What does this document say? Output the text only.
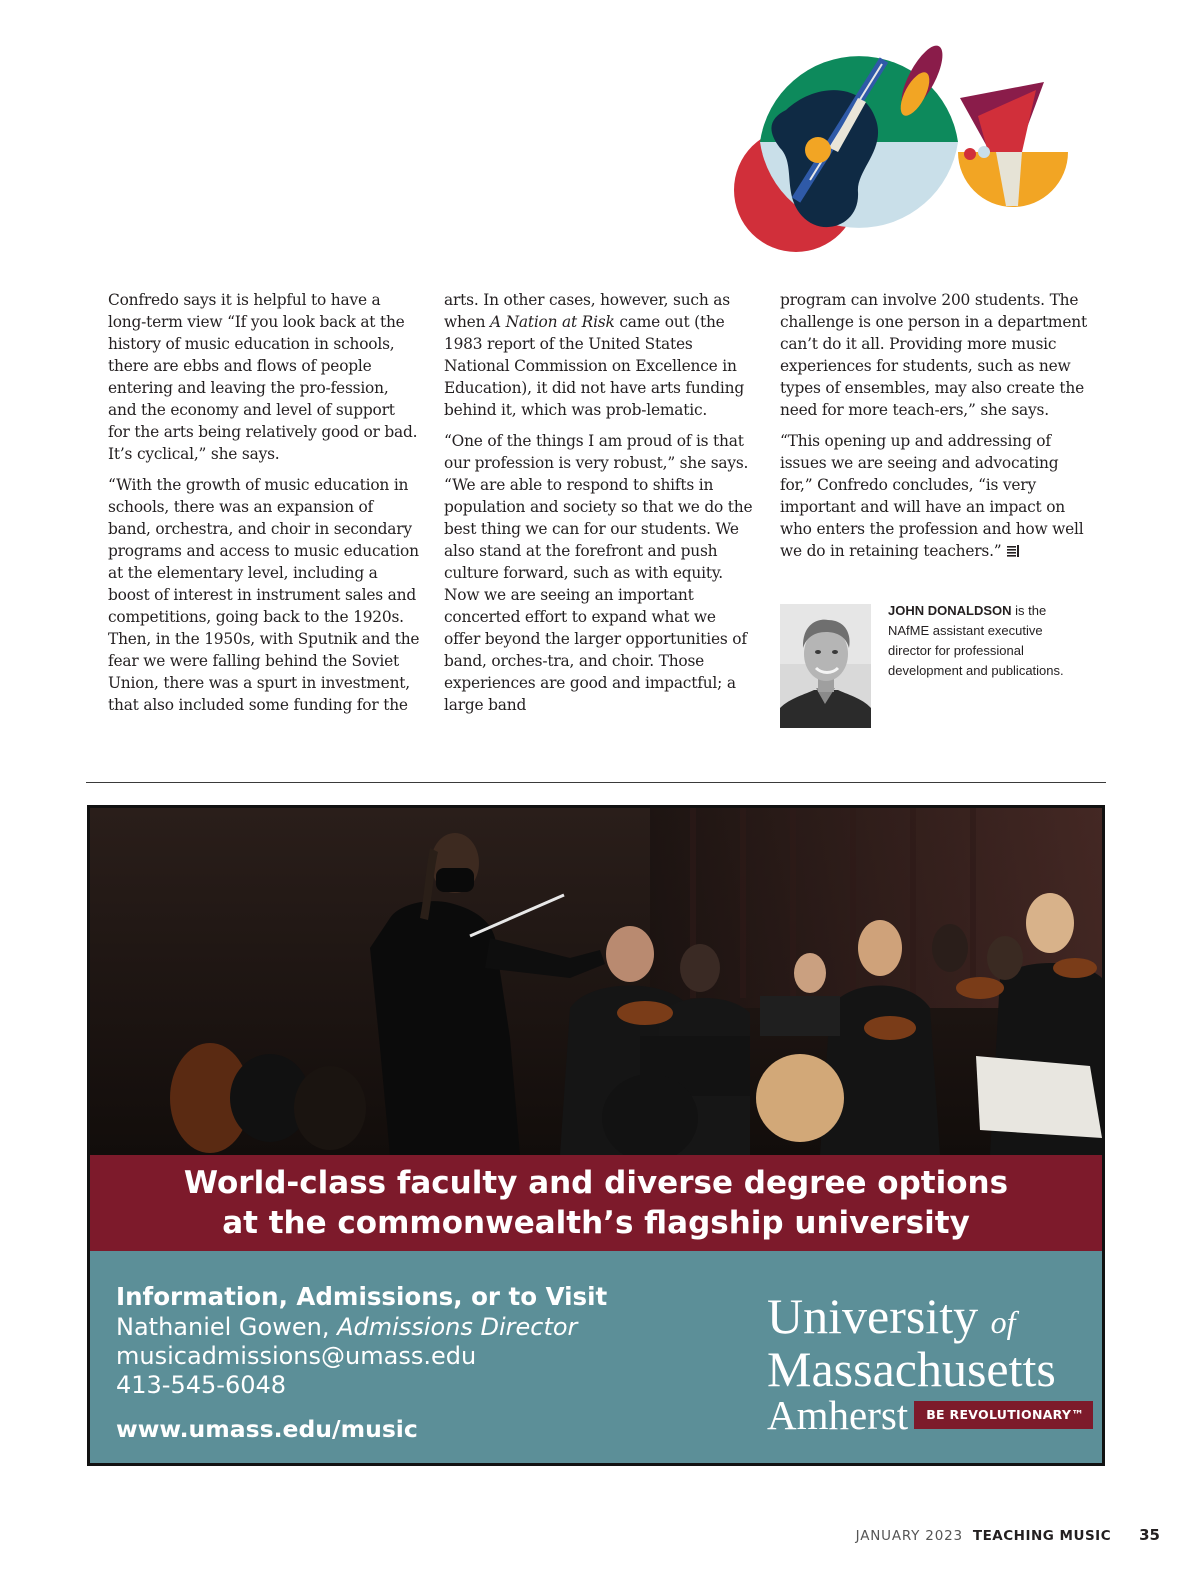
Confredo says it is helpful to have a long-term view “If you look back at the history of music education in schools, there are ebbs and flows of people entering and leaving the pro-fession, and the economy and level of support for the arts being relatively good or bad. It’s cyclical,” she says.

“With the growth of music education in schools, there was an expansion of band, orchestra, and choir in secondary programs and access to music education at the elementary level, including a boost of interest in instrument sales and competitions, going back to the 1920s. Then, in the 1950s, with Sputnik and the fear we were falling behind the Soviet Union, there was a spurt in investment, that also included some funding for the

arts. In other cases, however, such as when A Nation at Risk came out (the 1983 report of the United States National Commission on Excellence in Education), it did not have arts funding behind it, which was prob-lematic.

“One of the things I am proud of is that our profession is very robust,” she says. “We are able to respond to shifts in population and society so that we do the best thing we can for our students. We also stand at the forefront and push culture forward, such as with equity. Now we are seeing an important concerted effort to expand what we offer beyond the larger opportunities of band, orches-tra, and choir. Those experiences are good and impactful; a large band

program can involve 200 students. The challenge is one person in a department can’t do it all. Providing more music experiences for students, such as new types of ensembles, may also create the need for more teach-ers,” she says.

“This opening up and addressing of issues we are seeing and advocating for,” Confredo concludes, “is very important and will have an impact on who enters the profession and how well we do in retaining teachers.”

JOHN DONALDSON is the NAfME assistant executive director for professional development and publications.
World-class faculty and diverse degree options
at the commonwealth’s flagship university
Information, Admissions, or to Visit
Nathaniel Gowen, Admissions Director
musicadmissions@umass.edu
413-545-6048
www.umass.edu/music
University of
Massachusetts
Amherst BE REVOLUTIONARY™
JANUARY 2023 TEACHING MUSIC 35
